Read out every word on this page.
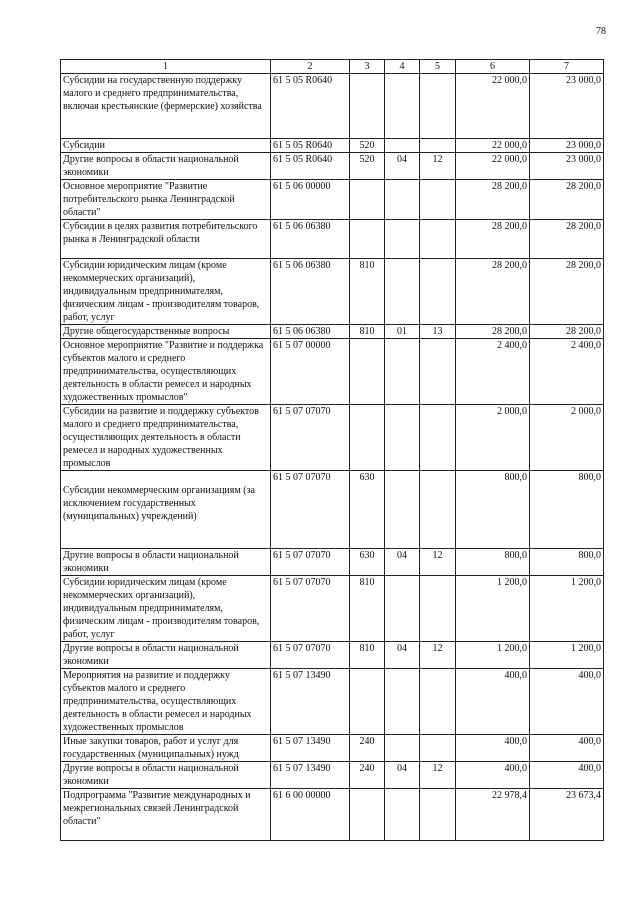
78
1	2	3	4	5	6	7
Субсидии на государственную поддержку малого и среднего предпринимательства, включая крестьянские (фермерские) хозяйства	61 5 05 R0640				22 000,0	23 000,0
Субсидии	61 5 05 R0640	520			22 000,0	23 000,0
Другие вопросы в области национальной экономики	61 5 05 R0640	520	04	12	22 000,0	23 000,0
Основное мероприятие "Развитие потребительского рынка Ленинградской области"	61 5 06 00000				28 200,0	28 200,0
Субсидии в целях развития потребительского рынка в Ленинградской области	61 5 06 06380				28 200,0	28 200,0
Субсидии юридическим лицам (кроме некоммерческих организаций), индивидуальным предпринимателям, физическим лицам - производителям товаров, работ, услуг	61 5 06 06380	810			28 200,0	28 200,0
Другие общегосударственные вопросы	61 5 06 06380	810	01	13	28 200,0	28 200,0
Основное мероприятие "Развитие и поддержка субъектов малого и среднего предпринимательства, осуществляющих деятельность в области ремесел и народных художественных промыслов"	61 5 07 00000				2 400,0	2 400,0
Субсидии на развитие и поддержку субъектов малого и среднего предпринимательства, осуществляющих деятельность в области ремесел и народных художественных промыслов	61 5 07 07070				2 000,0	2 000,0
Субсидии некоммерческим организациям (за исключением государственных (муниципальных) учреждений)	61 5 07 07070	630			800,0	800,0
Другие вопросы в области национальной экономики	61 5 07 07070	630	04	12	800,0	800,0
Субсидии юридическим лицам (кроме некоммерческих организаций), индивидуальным предпринимателям, физическим лицам - производителям товаров, работ, услуг	61 5 07 07070	810			1 200,0	1 200,0
Другие вопросы в области национальной экономики	61 5 07 07070	810	04	12	1 200,0	1 200,0
Мероприятия на развитие и поддержку субъектов малого и среднего предпринимательства, осуществляющих деятельность в области ремесел и народных художественных промыслов	61 5 07 13490				400,0	400,0
Иные закупки товаров, работ и услуг для государственных (муниципальных) нужд	61 5 07 13490	240			400,0	400,0
Другие вопросы в области национальной экономики	61 5 07 13490	240	04	12	400,0	400,0
Подпрограмма "Развитие международных и межрегиональных связей Ленинградской области"	61 6 00 00000				22 978,4	23 673,4
